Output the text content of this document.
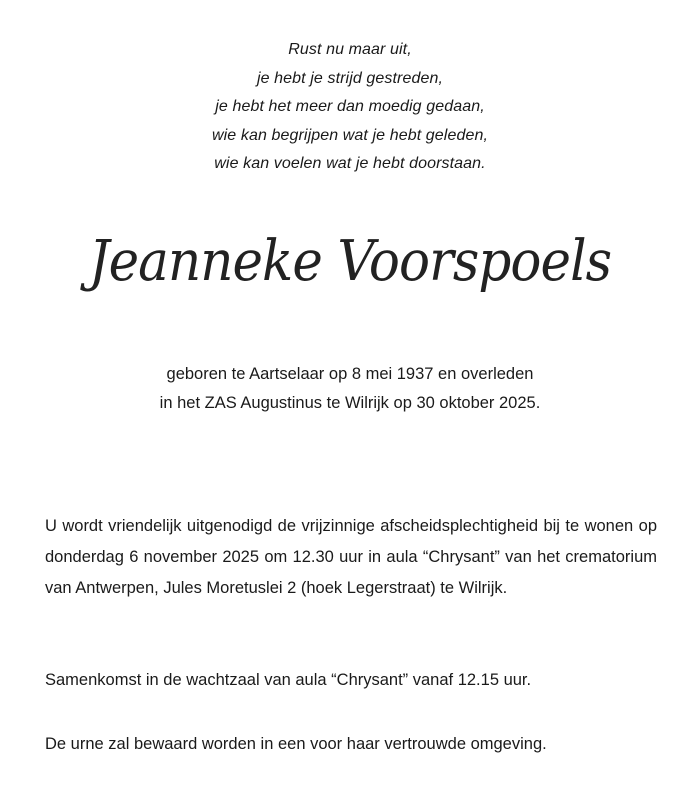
Rust nu maar uit,
je hebt je strijd gestreden,
je hebt het meer dan moedig gedaan,
wie kan begrijpen wat je hebt geleden,
wie kan voelen wat je hebt doorstaan.
Jeanneke Voorspoels
geboren te Aartselaar op 8 mei 1937 en overleden
in het ZAS Augustinus te Wilrijk op 30 oktober 2025.
U wordt vriendelijk uitgenodigd de vrijzinnige afscheidsplechtigheid bij te wonen op donderdag 6 november 2025 om 12.30 uur in aula “Chrysant” van het crematorium van Antwerpen, Jules Moretuslei 2 (hoek Legerstraat) te Wilrijk.
Samenkomst in de wachtzaal van aula “Chrysant” vanaf 12.15 uur.
De urne zal bewaard worden in een voor haar vertrouwde omgeving.
